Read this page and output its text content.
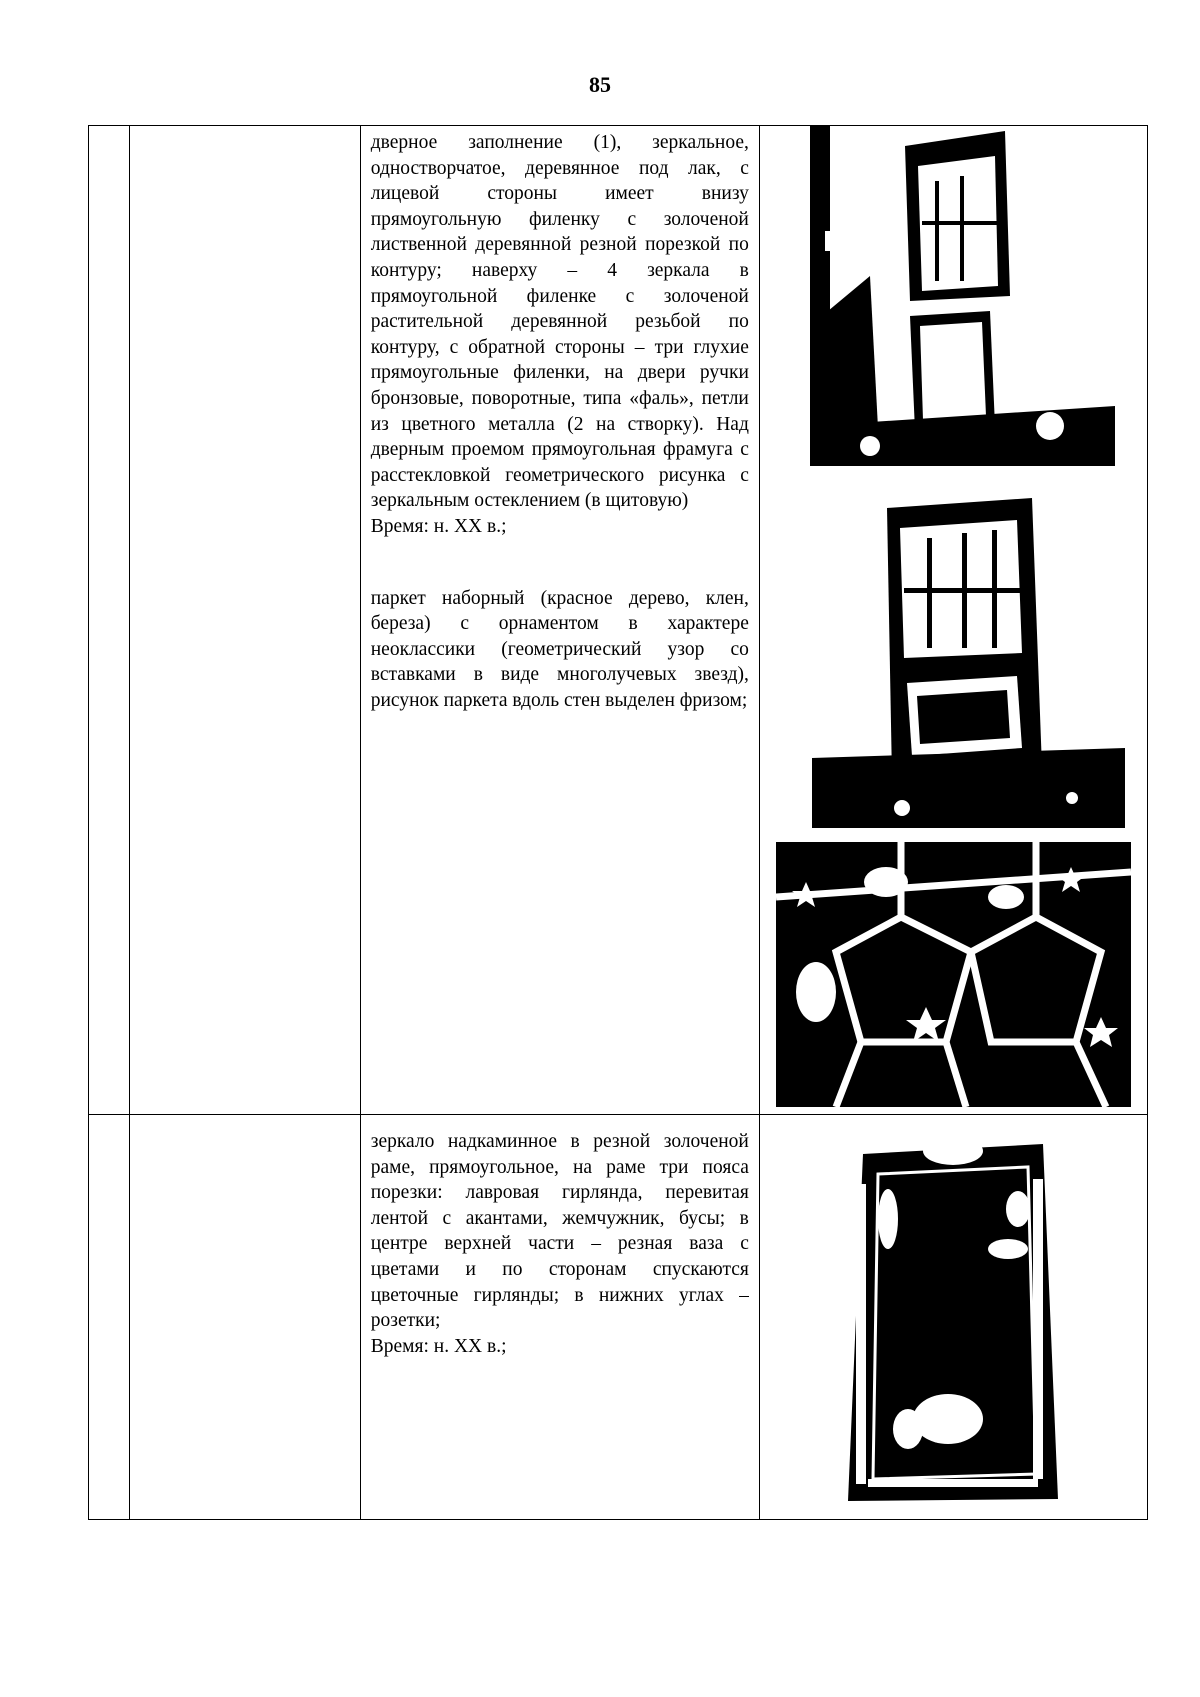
85

		дверное заполнение (1), зеркальное, одностворчатое, деревянное под лак, с лицевой стороны имеет внизу прямоугольную филенку с золоченой лиственной деревянной резной порезкой по контуру; наверху – 4 зеркала в прямоугольной филенке с золоченой растительной деревянной резьбой по контуру, с обратной стороны – три глухие прямоугольные филенки, на двери ручки бронзовые, поворотные, типа «фаль», петли из цветного металла (2 на створку). Над дверным проемом прямоугольная фрамуга с расстекловкой геометрического рисунка с зеркальным остеклением (в щитовую)

Время: н. XX в.;

паркет наборный (красное дерево, клен, береза) с орнаментом в характере неоклассики (геометрический узор со вставками в виде многолучевых звезд), рисунок паркета вдоль стен выделен фризом;

		зеркало надкаминное в резной золоченой раме, прямоугольное, на раме три пояса порезки: лавровая гирлянда, перевитая лентой с акантами, жемчужник, бусы; в центре верхней части – резная ваза с цветами и по сторонам спускаются цветочные гирлянды; в нижних углах – розетки;

Время: н. XX в.;
